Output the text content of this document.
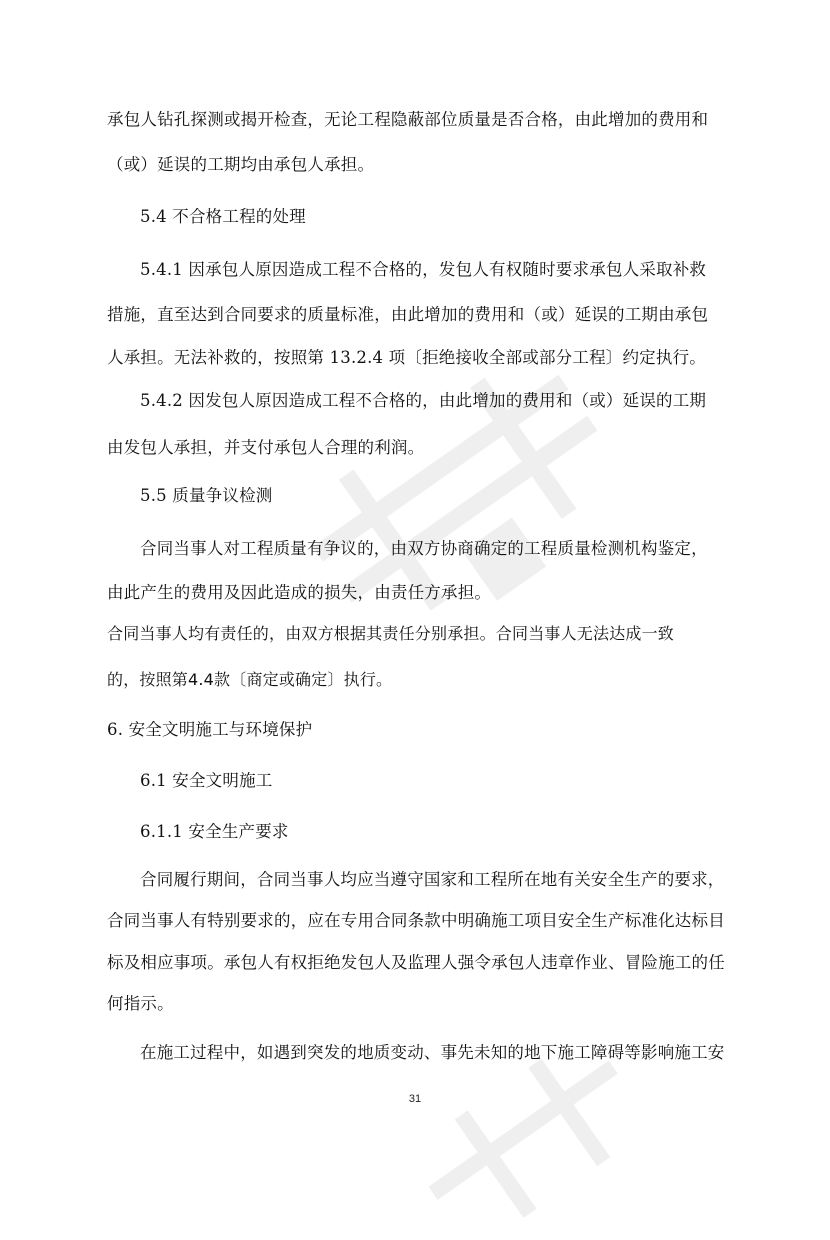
承包人钻孔探测或揭开检查，无论工程隐蔽部位质量是否合格，由此增加的费用和
（或）延误的工期均由承包人承担。
5.4 不合格工程的处理
5.4.1 因承包人原因造成工程不合格的，发包人有权随时要求承包人采取补救
措施，直至达到合同要求的质量标准，由此增加的费用和（或）延误的工期由承包
人承担。无法补救的，按照第 13.2.4 项〔拒绝接收全部或部分工程〕约定执行。
5.4.2 因发包人原因造成工程不合格的，由此增加的费用和（或）延误的工期
由发包人承担，并支付承包人合理的利润。
5.5 质量争议检测
合同当事人对工程质量有争议的，由双方协商确定的工程质量检测机构鉴定，
由此产生的费用及因此造成的损失，由责任方承担。
合同当事人均有责任的，由双方根据其责任分别承担。合同当事人无法达成一致
的，按照第4.4款〔商定或确定〕执行。
6. 安全文明施工与环境保护
6.1 安全文明施工
6.1.1 安全生产要求
合同履行期间，合同当事人均应当遵守国家和工程所在地有关安全生产的要求，
合同当事人有特别要求的，应在专用合同条款中明确施工项目安全生产标准化达标目
标及相应事项。承包人有权拒绝发包人及监理人强令承包人违章作业、冒险施工的任
何指示。
在施工过程中，如遇到突发的地质变动、事先未知的地下施工障碍等影响施工安
31
